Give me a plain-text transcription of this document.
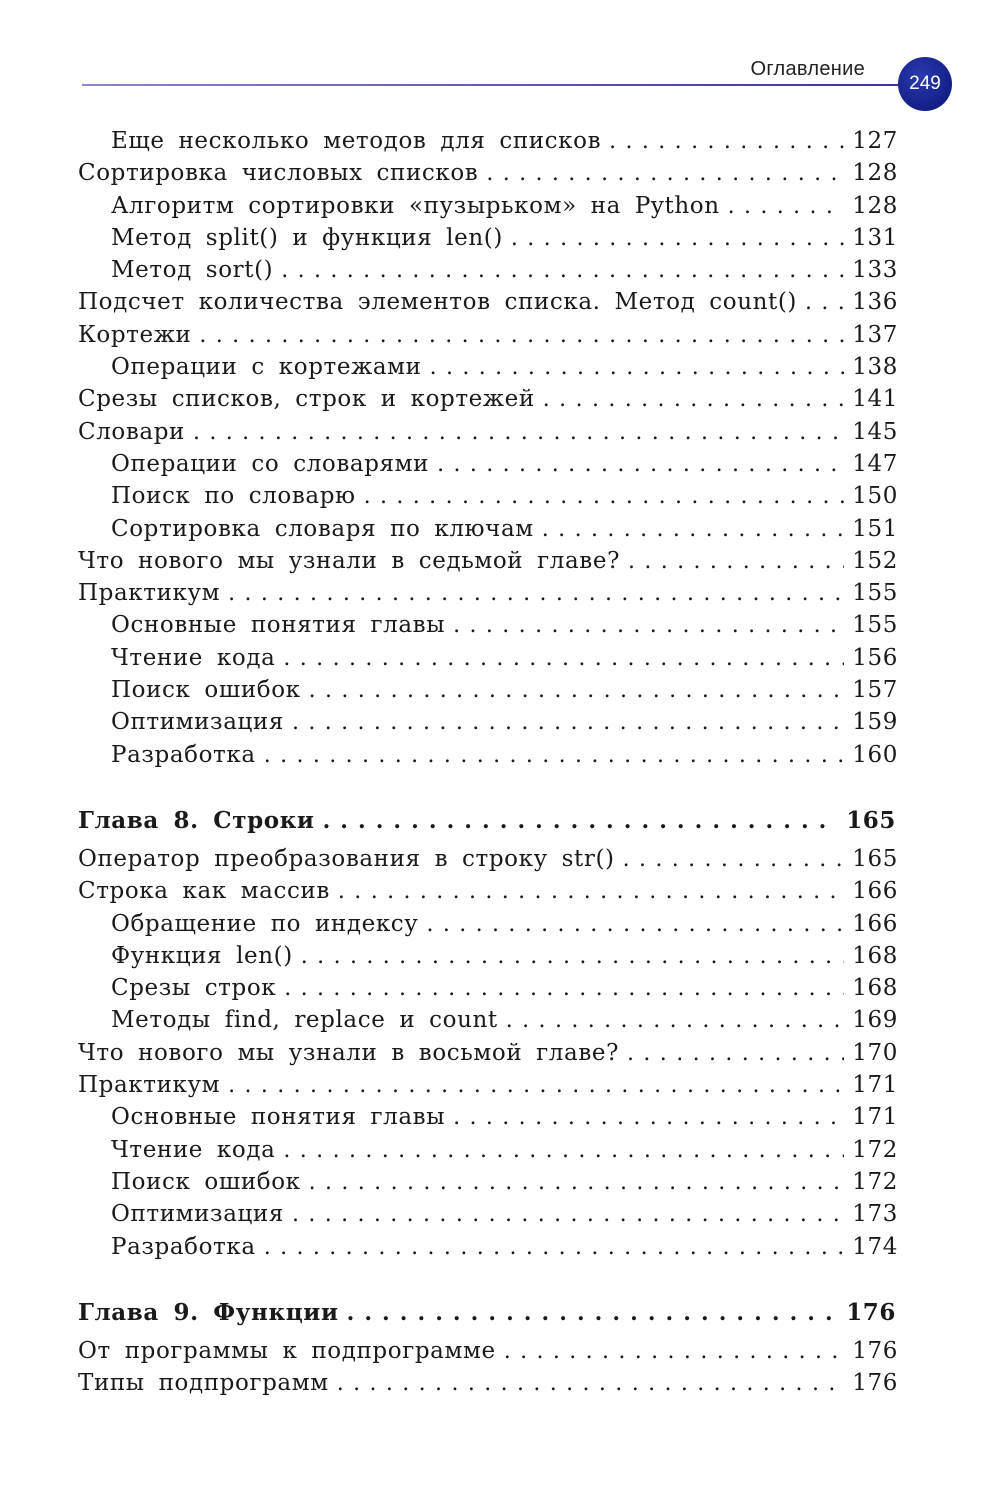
Оглавление
249
Еще несколько методов для списков . . .	127
Сортировка числовых списков . . .	128
Алгоритм сортировки «пузырьком» на Python . . .	128
Метод split() и функция len() . . .	131
Метод sort() . . .	133
Подсчет количества элементов списка. Метод count() . . . 136
Кортежи . . .	137
Операции с кортежами . . .	138
Срезы списков, строк и кортежей . . .	141
Словари . . .	145
Операции со словарями . . .	147
Поиск по словарю . . .	150
Сортировка словаря по ключам . . .	151
Что нового мы узнали в седьмой главе? . . .	152
Практикум . . .	155
Основные понятия главы . . .	155
Чтение кода . . .	156
Поиск ошибок . . .	157
Оптимизация . . .	159
Разработка . . .	160
Глава 8. Строки . . .	165
Оператор преобразования в строку str() . . .	165
Строка как массив . . .	166
Обращение по индексу . . .	166
Функция len() . . .	168
Срезы строк . . .	168
Методы find, replace и count . . .	169
Что нового мы узнали в восьмой главе? . . .	170
Практикум . . .	171
Основные понятия главы . . .	171
Чтение кода . . .	172
Поиск ошибок . . .	172
Оптимизация . . .	173
Разработка . . .	174
Глава 9. Функции . . .	176
От программы к подпрограмме . . .	176
Типы подпрограмм . . .	176
